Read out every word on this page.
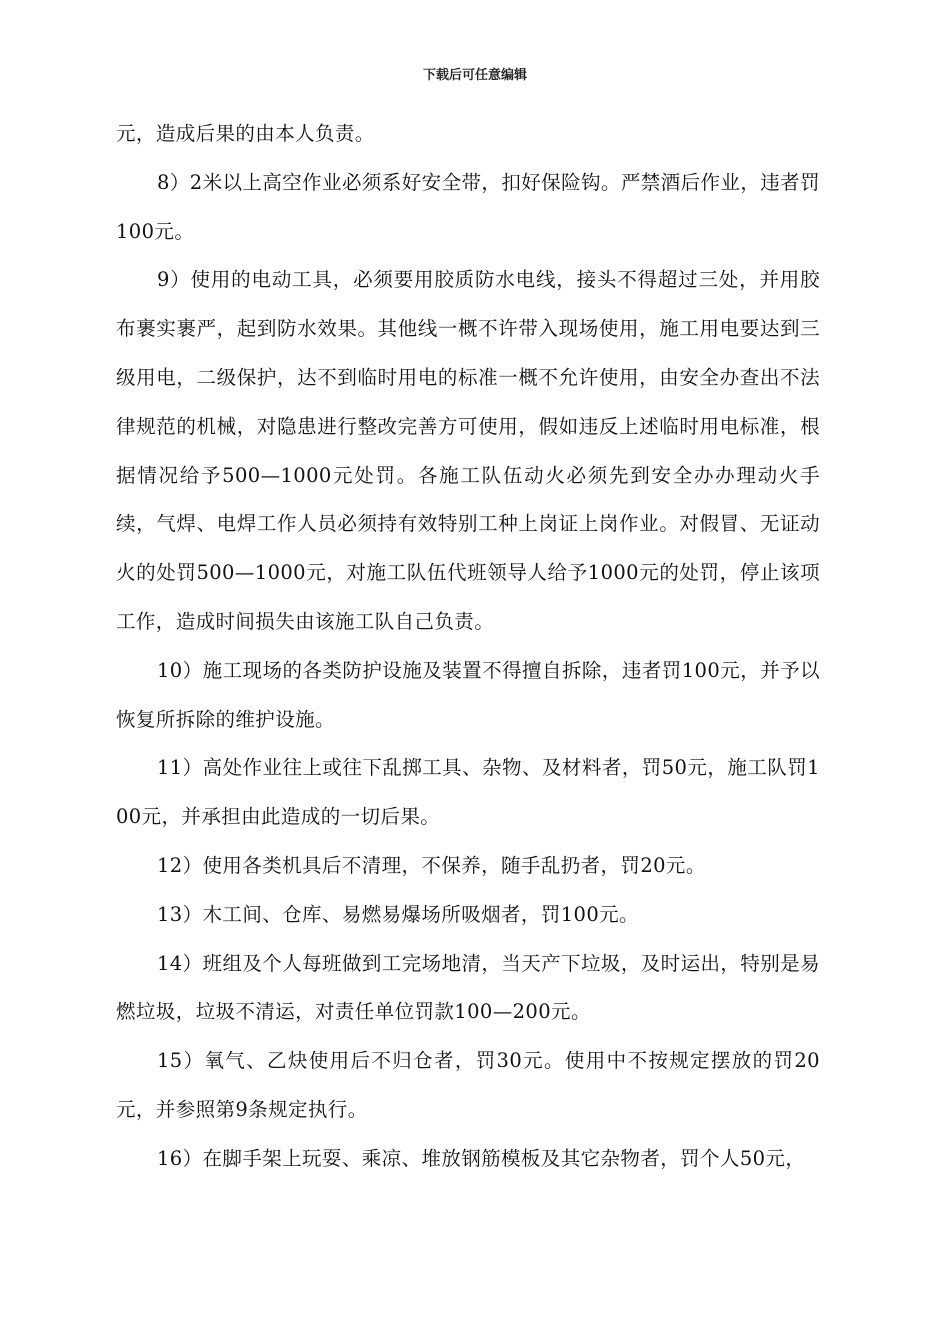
下载后可任意编辑

元，造成后果的由本人负责。

8）2米以上高空作业必须系好安全带，扣好保险钩。严禁酒后作业，违者罚100元。

9）使用的电动工具，必须要用胶质防水电线，接头不得超过三处，并用胶布裹实裹严，起到防水效果。其他线一概不许带入现场使用，施工用电要达到三级用电，二级保护，达不到临时用电的标准一概不允许使用，由安全办查出不法律规范的机械，对隐患进行整改完善方可使用，假如违反上述临时用电标准，根据情况给予500—1000元处罚。各施工队伍动火必须先到安全办办理动火手续，气焊、电焊工作人员必须持有效特别工种上岗证上岗作业。对假冒、无证动火的处罚500—1000元，对施工队伍代班领导人给予1000元的处罚，停止该项工作，造成时间损失由该施工队自己负责。

10）施工现场的各类防护设施及装置不得擅自拆除，违者罚100元，并予以恢复所拆除的维护设施。

11）高处作业往上或往下乱掷工具、杂物、及材料者，罚50元，施工队罚100元，并承担由此造成的一切后果。

12）使用各类机具后不清理，不保养，随手乱扔者，罚20元。

13）木工间、仓库、易燃易爆场所吸烟者，罚100元。

14）班组及个人每班做到工完场地清，当天产下垃圾，及时运出，特别是易燃垃圾，垃圾不清运，对责任单位罚款100—200元。

15）氧气、乙炔使用后不归仓者，罚30元。使用中不按规定摆放的罚20元，并参照第9条规定执行。

16）在脚手架上玩耍、乘凉、堆放钢筋模板及其它杂物者，罚个人50元，
